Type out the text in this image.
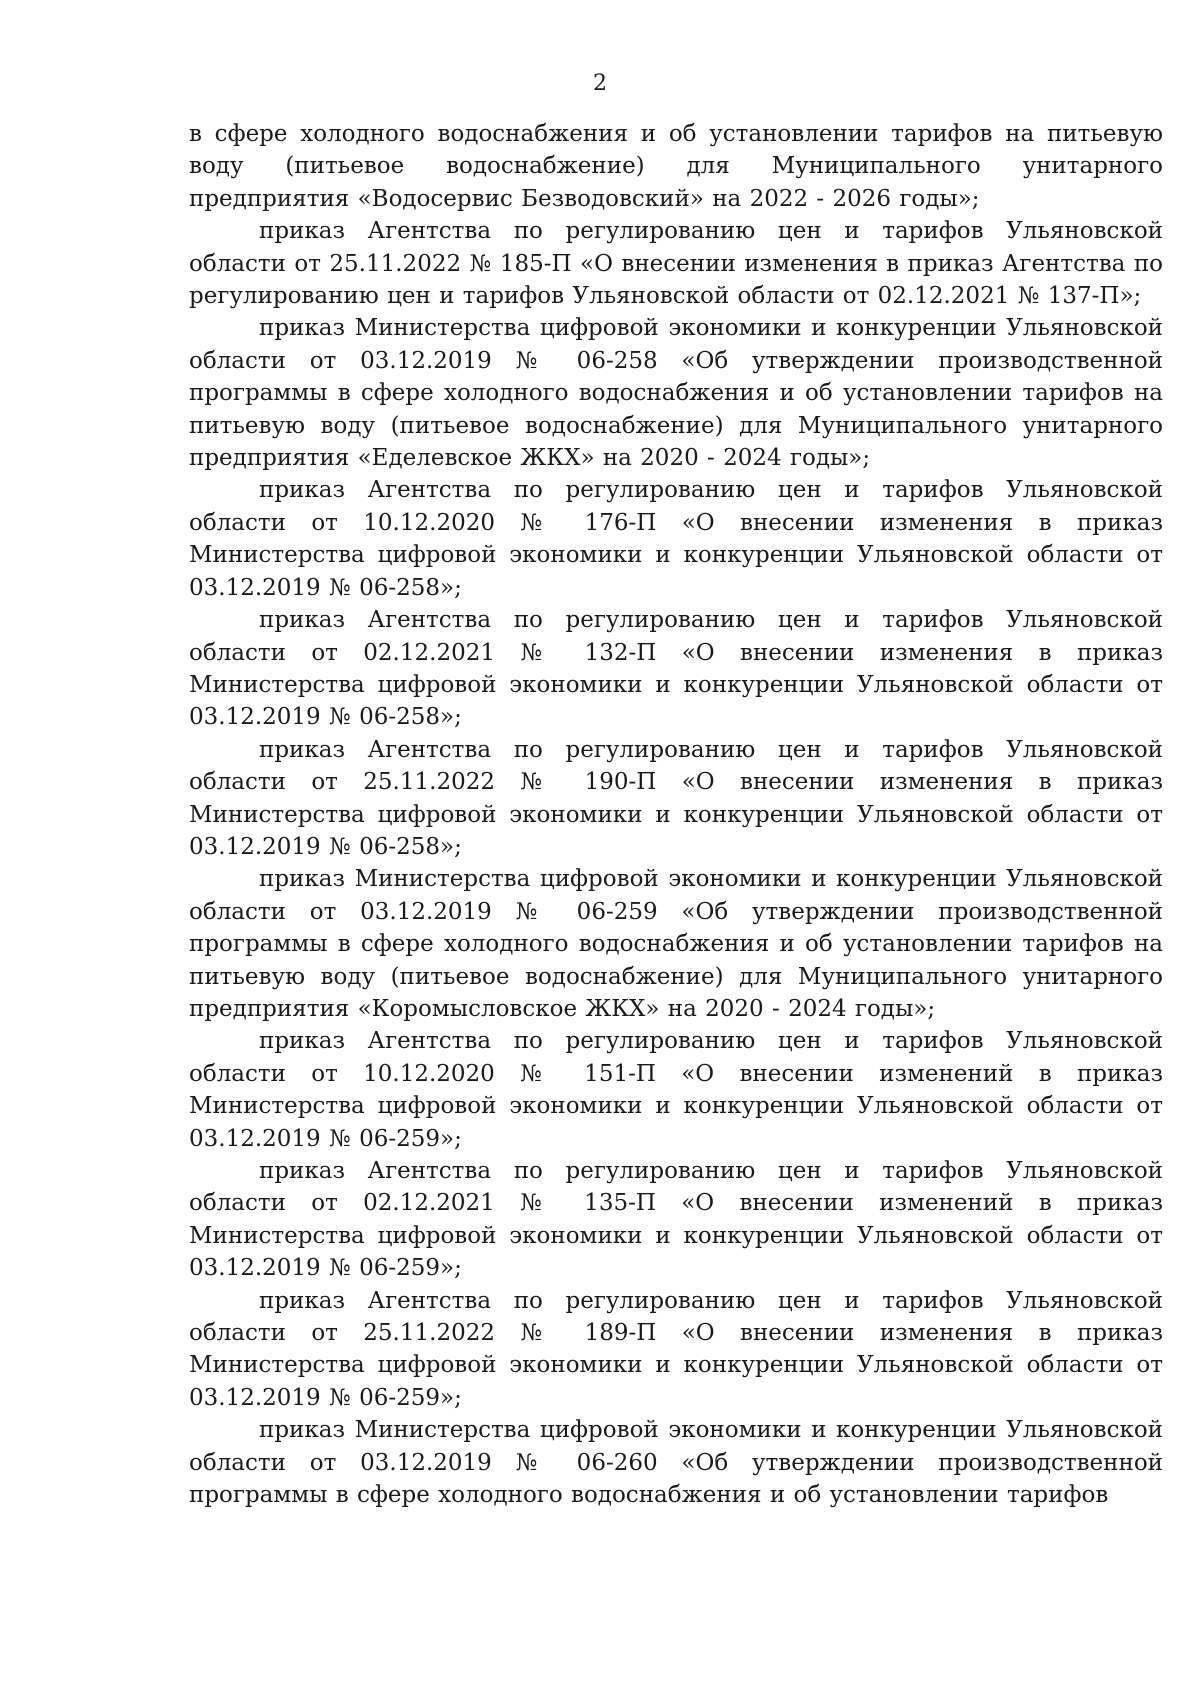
2

в сфере холодного водоснабжения и об установлении тарифов на питьевую воду (питьевое водоснабжение) для Муниципального унитарного предприятия «Водосервис Безводовский» на 2022 - 2026 годы»;

приказ Агентства по регулированию цен и тарифов Ульяновской области от 25.11.2022 № 185-П «О внесении изменения в приказ Агентства по регулированию цен и тарифов Ульяновской области от 02.12.2021 № 137-П»;

приказ Министерства цифровой экономики и конкуренции Ульяновской области от 03.12.2019 № 06-258 «Об утверждении производственной программы в сфере холодного водоснабжения и об установлении тарифов на питьевую воду (питьевое водоснабжение) для Муниципального унитарного предприятия «Еделевское ЖКХ» на 2020 - 2024 годы»;

приказ Агентства по регулированию цен и тарифов Ульяновской области от 10.12.2020 № 176-П «О внесении изменения в приказ Министерства цифровой экономики и конкуренции Ульяновской области от 03.12.2019 № 06-258»;

приказ Агентства по регулированию цен и тарифов Ульяновской области от 02.12.2021 № 132-П «О внесении изменения в приказ Министерства цифровой экономики и конкуренции Ульяновской области от 03.12.2019 № 06-258»;

приказ Агентства по регулированию цен и тарифов Ульяновской области от 25.11.2022 № 190-П «О внесении изменения в приказ Министерства цифровой экономики и конкуренции Ульяновской области от 03.12.2019 № 06-258»;

приказ Министерства цифровой экономики и конкуренции Ульяновской области от 03.12.2019 № 06-259 «Об утверждении производственной программы в сфере холодного водоснабжения и об установлении тарифов на питьевую воду (питьевое водоснабжение) для Муниципального унитарного предприятия «Коромысловское ЖКХ» на 2020 - 2024 годы»;

приказ Агентства по регулированию цен и тарифов Ульяновской области от 10.12.2020 № 151-П «О внесении изменений в приказ Министерства цифровой экономики и конкуренции Ульяновской области от 03.12.2019 № 06-259»;

приказ Агентства по регулированию цен и тарифов Ульяновской области от 02.12.2021 № 135-П «О внесении изменений в приказ Министерства цифровой экономики и конкуренции Ульяновской области от 03.12.2019 № 06-259»;

приказ Агентства по регулированию цен и тарифов Ульяновской области от 25.11.2022 № 189-П «О внесении изменения в приказ Министерства цифровой экономики и конкуренции Ульяновской области от 03.12.2019 № 06-259»;

приказ Министерства цифровой экономики и конкуренции Ульяновской области от 03.12.2019 № 06-260 «Об утверждении производственной программы в сфере холодного водоснабжения и об установлении тарифов
